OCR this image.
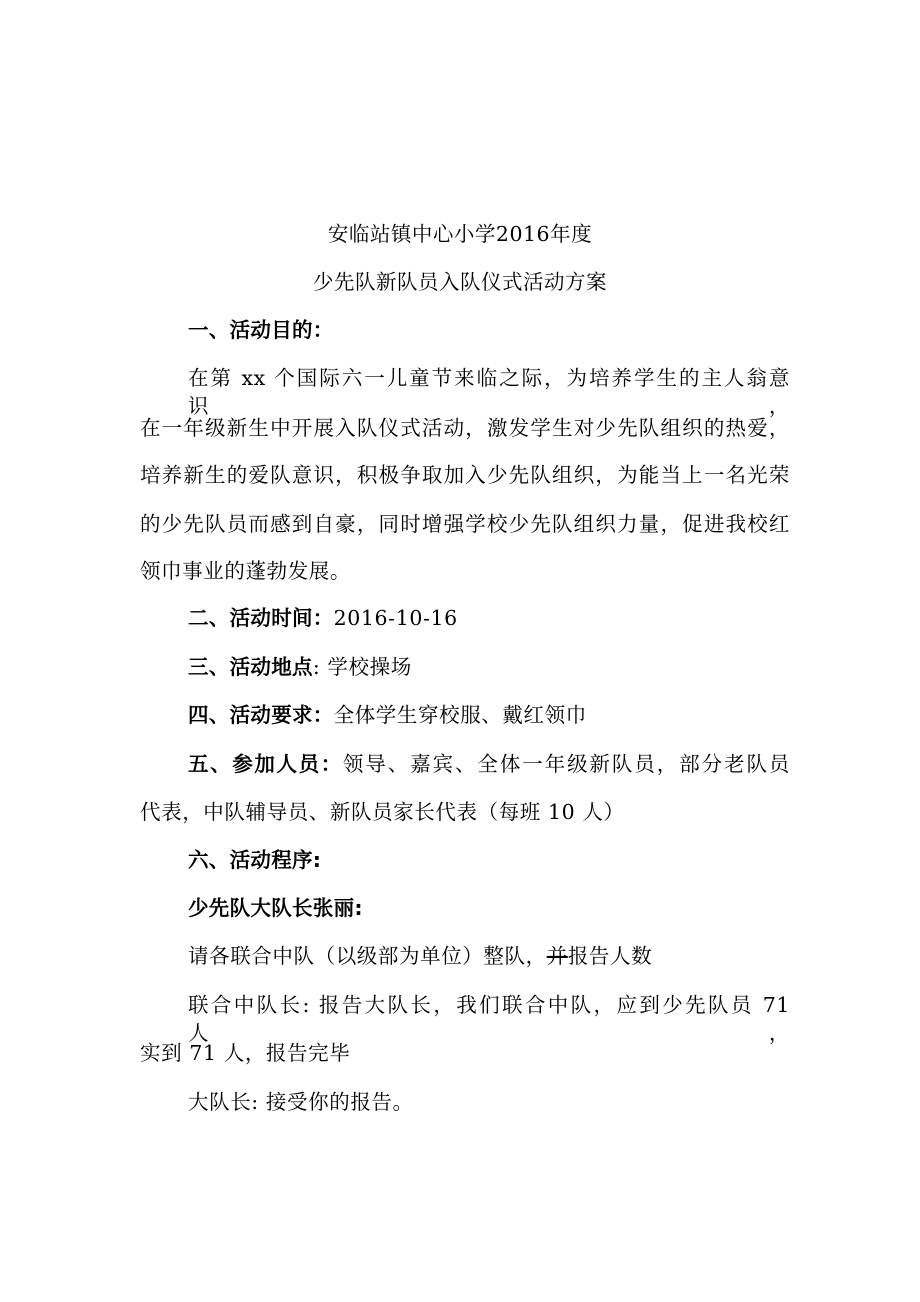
安临站镇中心小学2016年度
少先队新队员入队仪式活动方案
一、活动目的：
在第 xx 个国际六一儿童节来临之际，为培养学生的主人翁意识，
在一年级新生中开展入队仪式活动，激发学生对少先队组织的热爱，
培养新生的爱队意识，积极争取加入少先队组织，为能当上一名光荣
的少先队员而感到自豪，同时增强学校少先队组织力量，促进我校红
领巾事业的蓬勃发展。
二、活动时间：2016-10-16
三、活动地点: 学校操场
四、活动要求：全体学生穿校服、戴红领巾
五、参加人员：领导、嘉宾、全体一年级新队员，部分老队员
代表，中队辅导员、新队员家长代表（每班 10 人）
六、活动程序:
少先队大队长张丽:
请各联合中队（以级部为单位）整队，并报告人数
联合中队长: 报告大队长，我们联合中队，应到少先队员 71 人，
实到 71 人，报告完毕
大队长: 接受你的报告。
